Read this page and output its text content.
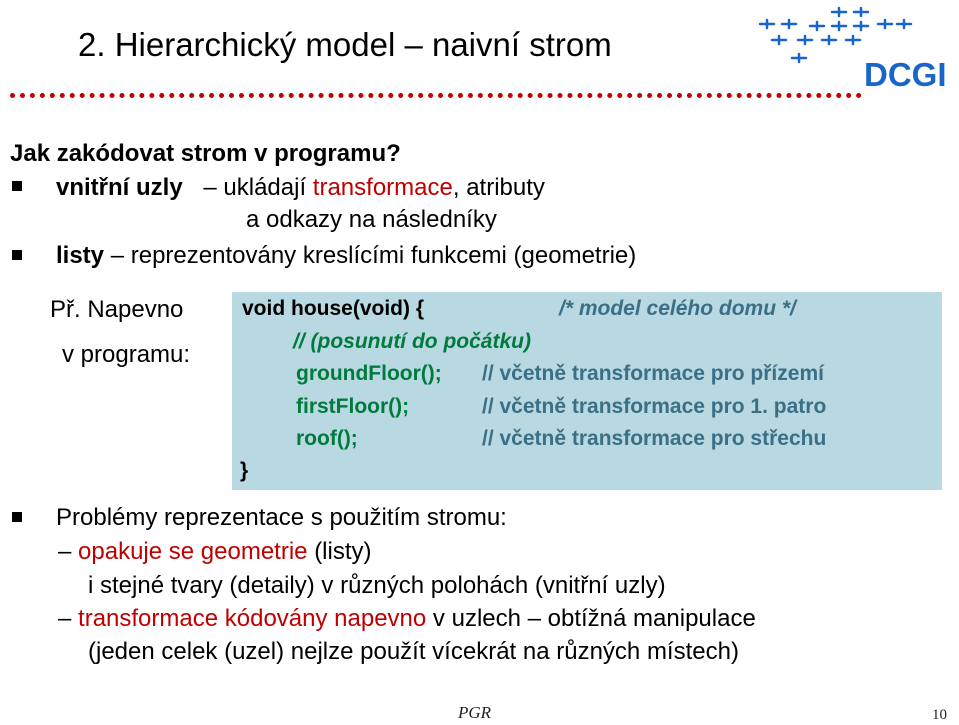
2. Hierarchický model – naivní strom
DCGI
Jak zakódovat strom v programu?
vnitřní uzly – ukládají transformace, atributy
a odkazy na následníky
listy – reprezentovány kreslícími funkcemi (geometrie)
Př. Napevno
v programu:
void house(void) {	/* model celého domu */
// (posunutí do počátku)
groundFloor(); // včetně transformace pro přízemí
firstFloor();	// včetně transformace pro 1. patro
roof();	// včetně transformace pro střechu
}
Problémy reprezentace s použitím stromu:
– opakuje se geometrie (listy)
i stejné tvary (detaily) v různých polohách (vnitřní uzly)
– transformace kódovány napevno v uzlech – obtížná manipulace
(jeden celek (uzel) nejlze použít vícekrát na různých místech)
PGR	10
